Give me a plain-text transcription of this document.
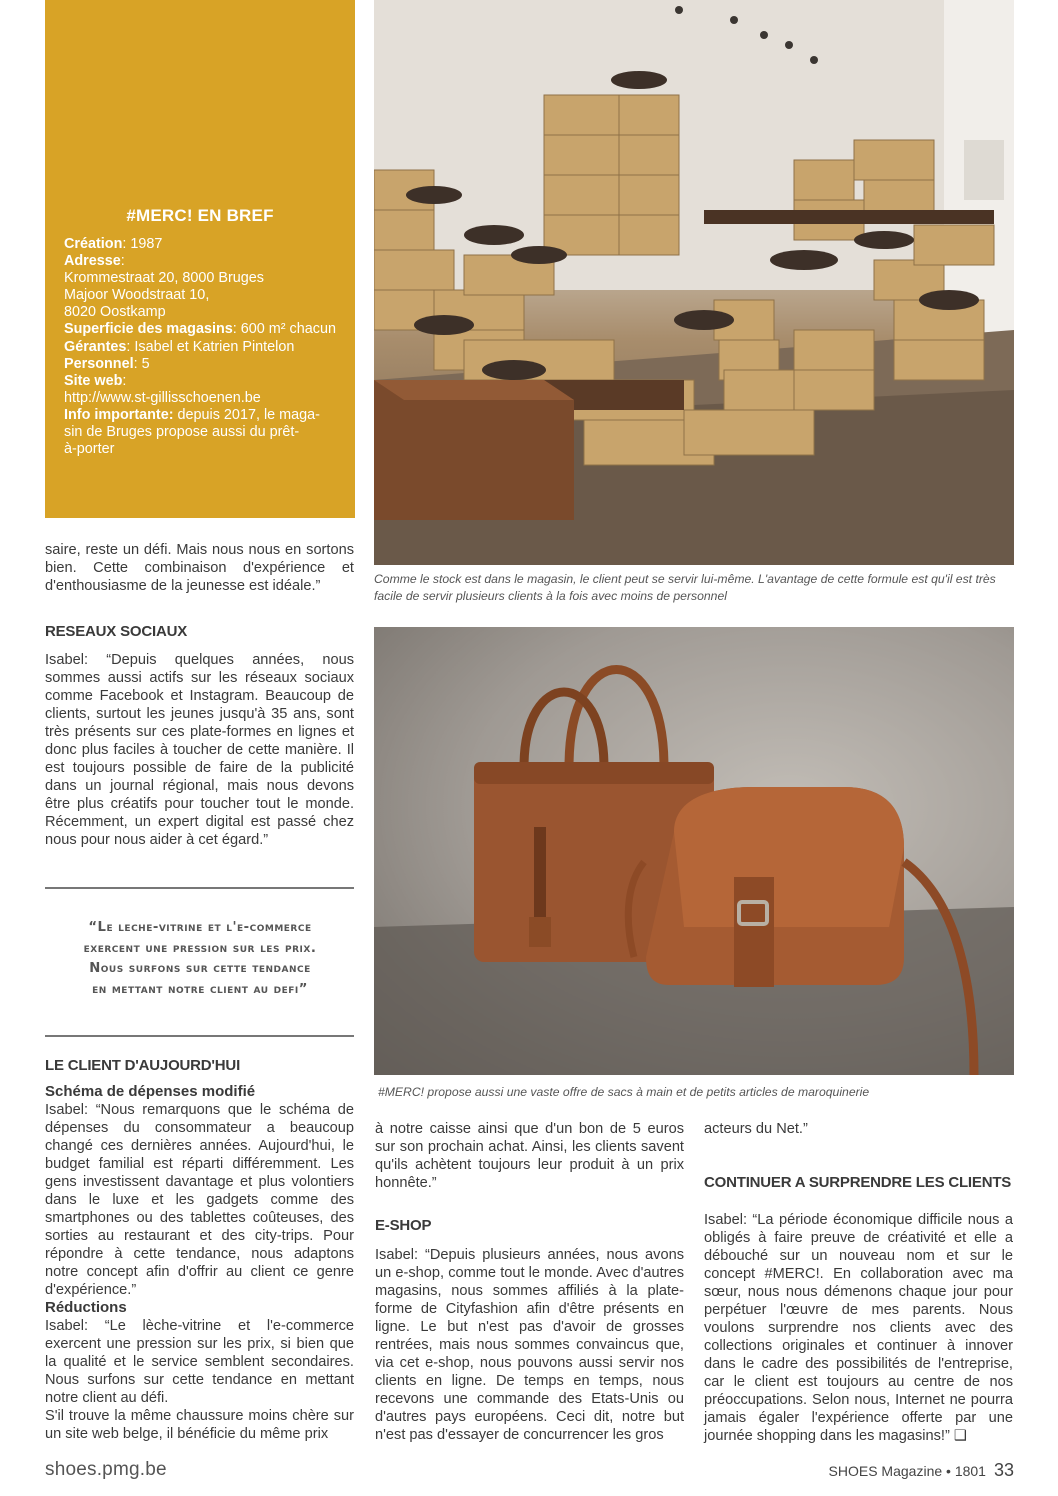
#MERC! EN BREF
Création: 1987
Adresse:
Krommestraat 20, 8000 Bruges
Majoor Woodstraat 10,
8020 Oostkamp
Superficie des magasins: 600 m² chacun
Gérantes: Isabel et Katrien Pintelon
Personnel: 5
Site web:
http://www.st-gillisschoenen.be
Info importante: depuis 2017, le maga-
sin de Bruges propose aussi du prêt-
à-porter
Comme le stock est dans le magasin, le client peut se servir lui-même. L'avantage de cette formule est qu'il est très facile de servir plusieurs clients à la fois avec moins de personnel
#MERC! propose aussi une vaste offre de sacs à main et de petits articles de maroquinerie
saire, reste un défi. Mais nous nous en sortons bien. Cette combinaison d'expérience et d'enthousiasme de la jeunesse est idéale.”
RESEAUX SOCIAUX
Isabel: “Depuis quelques années, nous sommes aussi actifs sur les réseaux sociaux comme Facebook et Instagram. Beaucoup de clients, surtout les jeunes jusqu'à 35 ans, sont très présents sur ces plate-formes en lignes et donc plus faciles à toucher de cette manière. Il est toujours possible de faire de la publicité dans un journal régional, mais nous devons être plus créatifs pour toucher tout le monde. Récemment, un expert digital est passé chez nous pour nous aider à cet égard.”
“Le leche-vitrine et l'e-commerce
exercent une pression sur les prix.
Nous surfons sur cette tendance
en mettant notre client au defi”
LE CLIENT D'AUJOURD'HUI

Schéma de dépenses modifié

Isabel: “Nous remarquons que le schéma de dépenses du consommateur a beaucoup changé ces dernières années. Aujourd'hui, le budget familial est réparti différemment. Les gens investissent davantage et plus volontiers dans le luxe et les gadgets comme des smartphones ou des tablettes coûteuses, des sorties au restaurant et des city-trips. Pour répondre à cette tendance, nous adaptons notre concept afin d'offrir au client ce genre d'expérience.”

Réductions

Isabel: “Le lèche-vitrine et l'e-commerce exercent une pression sur les prix, si bien que la qualité et le service semblent secondaires. Nous surfons sur cette tendance en mettant notre client au défi.

S'il trouve la même chaussure moins chère sur un site web belge, il bénéficie du même prix

à notre caisse ainsi que d'un bon de 5 euros sur son prochain achat. Ainsi, les clients savent qu'ils achètent toujours leur produit à un prix honnête.”
E-SHOP
Isabel: “Depuis plusieurs années, nous avons un e-shop, comme tout le monde. Avec d'autres magasins, nous sommes affiliés à la plate-forme de Cityfashion afin d'être présents en ligne. Le but n'est pas d'avoir de grosses rentrées, mais nous sommes convaincus que, via cet e-shop, nous pouvons aussi servir nos clients en ligne. De temps en temps, nous recevons une commande des Etats-Unis ou d'autres pays européens. Ceci dit, notre but n'est pas d'essayer de concurrencer les gros
acteurs du Net.”
CONTINUER A SURPRENDRE LES CLIENTS
Isabel: “La période économique difficile nous a obligés à faire preuve de créativité et elle a débouché sur un nouveau nom et sur le concept #MERC!. En collaboration avec ma sœur, nous nous démenons chaque jour pour perpétuer l'œuvre de mes parents. Nous voulons surprendre nos clients avec des collections originales et continuer à innover dans le cadre des possibilités de l'entreprise, car le client est toujours au centre de nos préoccupations. Selon nous, Internet ne pourra jamais égaler l'expérience offerte par une journée shopping dans les magasins!” ❑
shoes.pmg.be	SHOES Magazine • 1801 33
